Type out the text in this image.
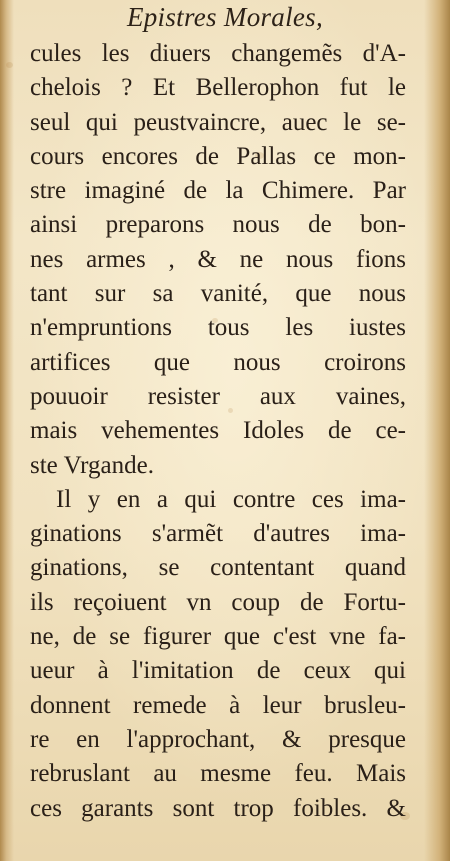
Epistres Morales,
cules les diuers changemẽs d'A-
chelois ? Et Bellerophon fut le
seul qui peustvaincre, auec le se-
cours encores de Pallas ce mon-
stre imaginé de la Chimere. Par
ainsi preparons nous de bon-
nes armes , & ne nous fions
tant sur sa vanité, que nous
n'empruntions tous les iustes
artifices que nous croirons
pouuoir resister aux vaines,
mais vehementes Idoles de ce-
ste Vrgande.
Il y en a qui contre ces ima-
ginations s'armẽt d'autres ima-
ginations, se contentant quand
ils reçoiuent vn coup de Fortu-
ne, de se figurer que c'est vne fa-
ueur à l'imitation de ceux qui
donnent remede à leur brusleu-
re en l'approchant, & presque
rebruslant au mesme feu. Mais
ces garants sont trop foibles. &
